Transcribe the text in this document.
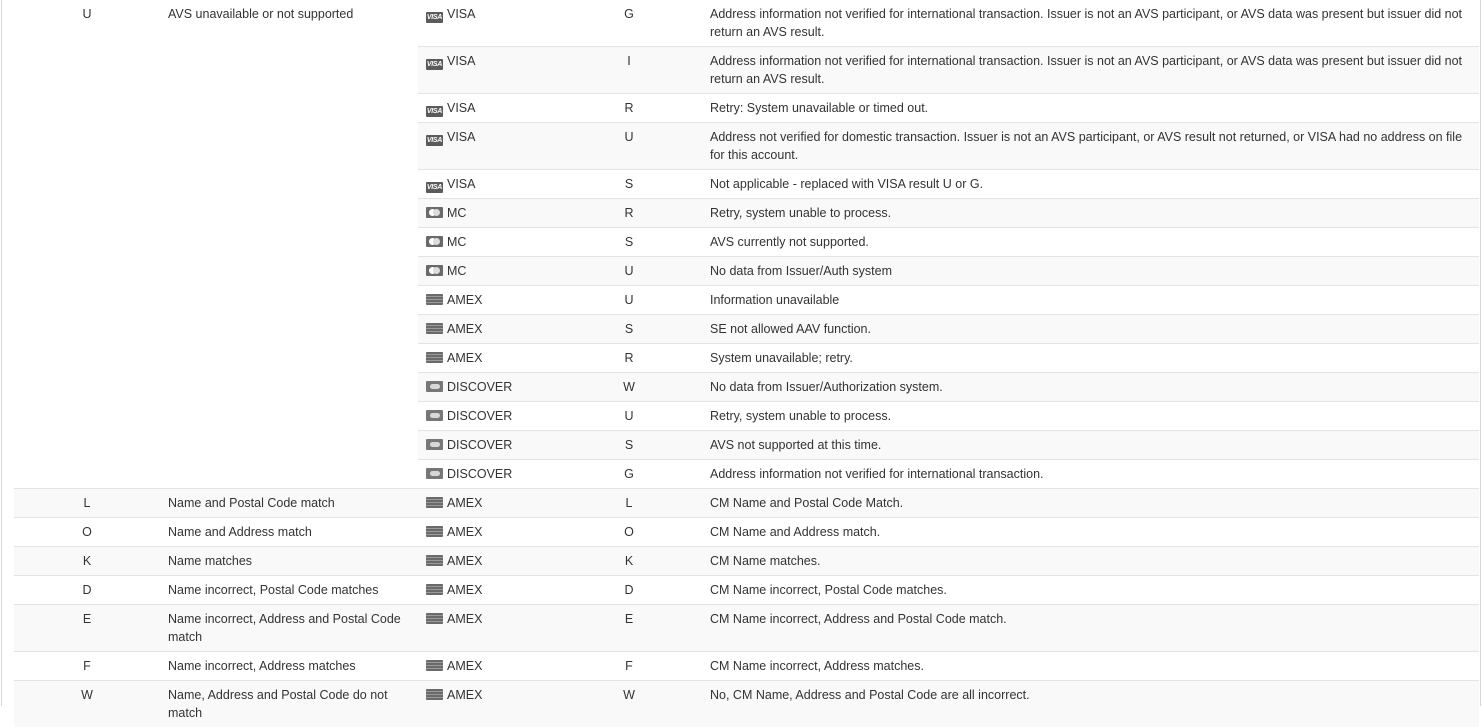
U	AVS unavailable or not supported	VISA VISA	G	Address information not verified for international transaction. Issuer is not an AVS participant, or AVS data was present but issuer did not return an AVS result.
		VISA VISA	I	Address information not verified for international transaction. Issuer is not an AVS participant, or AVS data was present but issuer did not return an AVS result.
		VISA VISA	R	Retry: System unavailable or timed out.
		VISA VISA	U	Address not verified for domestic transaction. Issuer is not an AVS participant, or AVS result not returned, or VISA had no address on file for this account.
		VISA VISA	S	Not applicable - replaced with VISA result U or G.
		MC	R	Retry, system unable to process.
		MC	S	AVS currently not supported.
		MC	U	No data from Issuer/Auth system
		AMEX	U	Information unavailable
		AMEX	S	SE not allowed AAV function.
		AMEX	R	System unavailable; retry.
		DISCOVER	W	No data from Issuer/Authorization system.
		DISCOVER	U	Retry, system unable to process.
		DISCOVER	S	AVS not supported at this time.
		DISCOVER	G	Address information not verified for international transaction.
L	Name and Postal Code match	AMEX	L	CM Name and Postal Code Match.
O	Name and Address match	AMEX	O	CM Name and Address match.
K	Name matches	AMEX	K	CM Name matches.
D	Name incorrect, Postal Code matches	AMEX	D	CM Name incorrect, Postal Code matches.
E	Name incorrect, Address and Postal Code match	AMEX	E	CM Name incorrect, Address and Postal Code match.
F	Name incorrect, Address matches	AMEX	F	CM Name incorrect, Address matches.
W	Name, Address and Postal Code do not match	AMEX	W	No, CM Name, Address and Postal Code are all incorrect.
